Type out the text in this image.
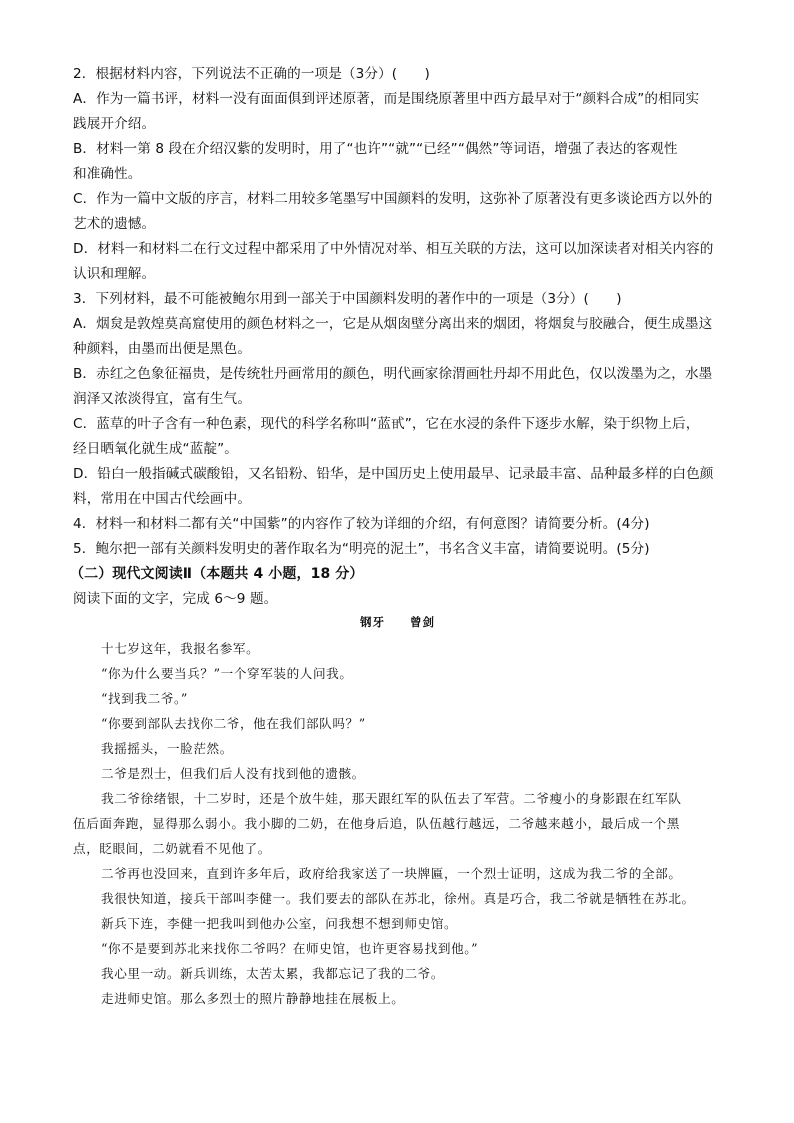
2．根据材料内容，下列说法不正确的一项是（3分）(　　)
A．作为一篇书评，材料一没有面面俱到评述原著，而是围绕原著里中西方最早对于“颜料合成”的相同实
践展开介绍。
B．材料一第 8 段在介绍汉紫的发明时，用了“也许”“就”“已经”“偶然”等词语，增强了表达的客观性
和准确性。
C．作为一篇中文版的序言，材料二用较多笔墨写中国颜料的发明，这弥补了原著没有更多谈论西方以外的
艺术的遗憾。
D．材料一和材料二在行文过程中都采用了中外情况对举、相互关联的方法，这可以加深读者对相关内容的
认识和理解。
3．下列材料，最不可能被鲍尔用到一部关于中国颜料发明的著作中的一项是（3分）(　　)
A．烟炱是敦煌莫高窟使用的颜色材料之一，它是从烟囱壁分离出来的烟团，将烟炱与胶融合，便生成墨这
种颜料，由墨而出便是黑色。
B．赤红之色象征福贵，是传统牡丹画常用的颜色，明代画家徐渭画牡丹却不用此色，仅以泼墨为之，水墨
润泽又浓淡得宜，富有生气。
C．蓝草的叶子含有一种色素，现代的科学名称叫“蓝甙”，它在水浸的条件下逐步水解，染于织物上后，
经日晒氧化就生成“蓝靛”。
D．铅白一般指碱式碳酸铅，又名铅粉、铅华，是中国历史上使用最早、记录最丰富、品种最多样的白色颜
料，常用在中国古代绘画中。
4．材料一和材料二都有关“中国紫”的内容作了较为详细的介绍，有何意图？请简要分析。(4分)
5．鲍尔把一部有关颜料发明史的著作取名为“明亮的泥土”，书名含义丰富，请简要说明。(5分)
（二）现代文阅读Ⅱ（本题共 4 小题，18 分）
阅读下面的文字，完成 6～9 题。
钢牙　　曾剑
十七岁这年，我报名参军。
“你为什么要当兵？”一个穿军装的人问我。
“找到我二爷。”
“你要到部队去找你二爷，他在我们部队吗？”
我摇摇头，一脸茫然。
二爷是烈士，但我们后人没有找到他的遗骸。
我二爷徐绪银，十二岁时，还是个放牛娃，那天跟红军的队伍去了军营。二爷瘦小的身影跟在红军队
伍后面奔跑，显得那么弱小。我小脚的二奶，在他身后追，队伍越行越远，二爷越来越小，最后成一个黑
点，眨眼间，二奶就看不见他了。
二爷再也没回来，直到许多年后，政府给我家送了一块牌匾，一个烈士证明，这成为我二爷的全部。
我很快知道，接兵干部叫李健一。我们要去的部队在苏北，徐州。真是巧合，我二爷就是牺牲在苏北。
新兵下连，李健一把我叫到他办公室，问我想不想到师史馆。
“你不是要到苏北来找你二爷吗？在师史馆，也许更容易找到他。”
我心里一动。新兵训练，太苦太累，我都忘记了我的二爷。
走进师史馆。那么多烈士的照片静静地挂在展板上。
